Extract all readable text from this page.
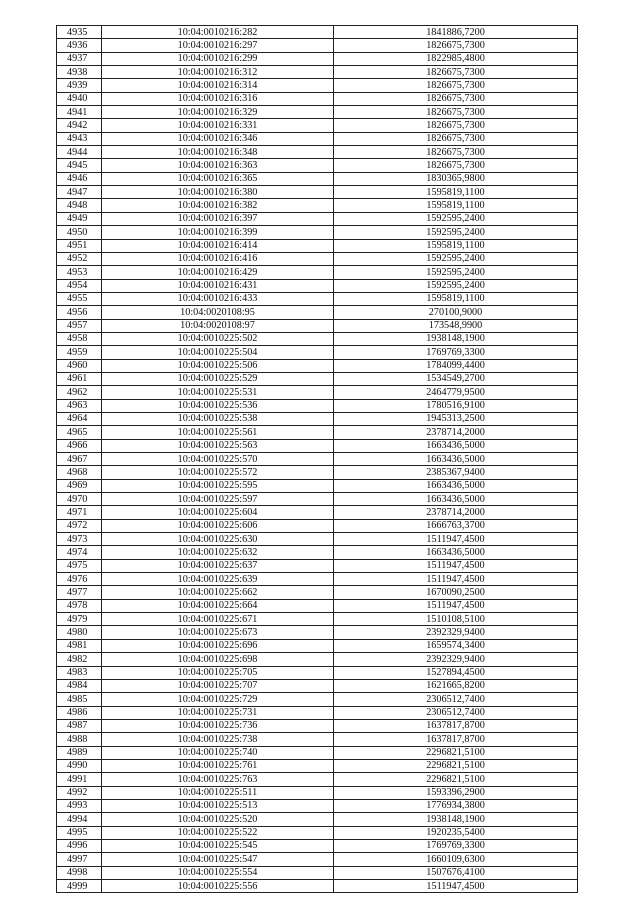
4935	10:04:0010216:282	1841886,7200
4936	10:04:0010216:297	1826675,7300
4937	10:04:0010216:299	1822985,4800
4938	10:04:0010216:312	1826675,7300
4939	10:04:0010216:314	1826675,7300
4940	10:04:0010216:316	1826675,7300
4941	10:04:0010216:329	1826675,7300
4942	10:04:0010216:331	1826675,7300
4943	10:04:0010216:346	1826675,7300
4944	10:04:0010216:348	1826675,7300
4945	10:04:0010216:363	1826675,7300
4946	10:04:0010216:365	1830365,9800
4947	10:04:0010216:380	1595819,1100
4948	10:04:0010216:382	1595819,1100
4949	10:04:0010216:397	1592595,2400
4950	10:04:0010216:399	1592595,2400
4951	10:04:0010216:414	1595819,1100
4952	10:04:0010216:416	1592595,2400
4953	10:04:0010216:429	1592595,2400
4954	10:04:0010216:431	1592595,2400
4955	10:04:0010216:433	1595819,1100
4956	10:04:0020108:95	270100,9000
4957	10:04:0020108:97	173548,9900
4958	10:04:0010225:502	1938148,1900
4959	10:04:0010225:504	1769769,3300
4960	10:04:0010225:506	1784099,4400
4961	10:04:0010225:529	1534549,2700
4962	10:04:0010225:531	2464779,9500
4963	10:04:0010225:536	1780516,9100
4964	10:04:0010225:538	1945313,2500
4965	10:04:0010225:561	2378714,2000
4966	10:04:0010225:563	1663436,5000
4967	10:04:0010225:570	1663436,5000
4968	10:04:0010225:572	2385367,9400
4969	10:04:0010225:595	1663436,5000
4970	10:04:0010225:597	1663436,5000
4971	10:04:0010225:604	2378714,2000
4972	10:04:0010225:606	1666763,3700
4973	10:04:0010225:630	1511947,4500
4974	10:04:0010225:632	1663436,5000
4975	10:04:0010225:637	1511947,4500
4976	10:04:0010225:639	1511947,4500
4977	10:04:0010225:662	1670090,2500
4978	10:04:0010225:664	1511947,4500
4979	10:04:0010225:671	1510108,5100
4980	10:04:0010225:673	2392329,9400
4981	10:04:0010225:696	1659574,3400
4982	10:04:0010225:698	2392329,9400
4983	10:04:0010225:705	1527894,4500
4984	10:04:0010225:707	1621665,8200
4985	10:04:0010225:729	2306512,7400
4986	10:04:0010225:731	2306512,7400
4987	10:04:0010225:736	1637817,8700
4988	10:04:0010225:738	1637817,8700
4989	10:04:0010225:740	2296821,5100
4990	10:04:0010225:761	2296821,5100
4991	10:04:0010225:763	2296821,5100
4992	10:04:0010225:511	1593396,2900
4993	10:04:0010225:513	1776934,3800
4994	10:04:0010225:520	1938148,1900
4995	10:04:0010225:522	1920235,5400
4996	10:04:0010225:545	1769769,3300
4997	10:04:0010225:547	1660109,6300
4998	10:04:0010225:554	1507676,4100
4999	10:04:0010225:556	1511947,4500
